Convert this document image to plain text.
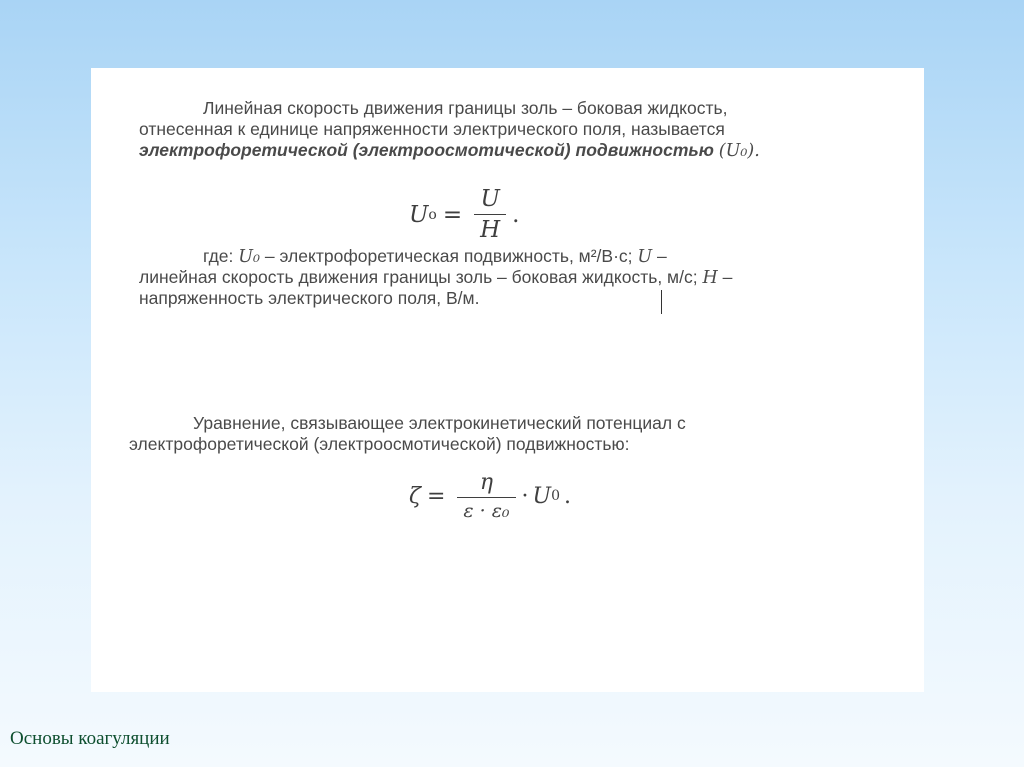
Линейная скорость движения границы золь – боковая жидкость,
отнесенная к единице напряженности электрического поля, называется
электрофоретической (электроосмотической) подвижностью (U₀).

U $o = \frac{U}{H}$ .

где: U₀ – электрофоретическая подвижность, м²/В·с; U –
линейная скорость движения границы золь – боковая жидкость, м/с; H –
напряженность электрического поля, В/м.

Уравнение, связывающее электрокинетический потенциал с
электрофоретической (электроосмотической) подвижностью:

$\zeta = \frac{\eta}{\text{ε · ε₀}} \cdot U$ 0 .
Основы коагуляции
